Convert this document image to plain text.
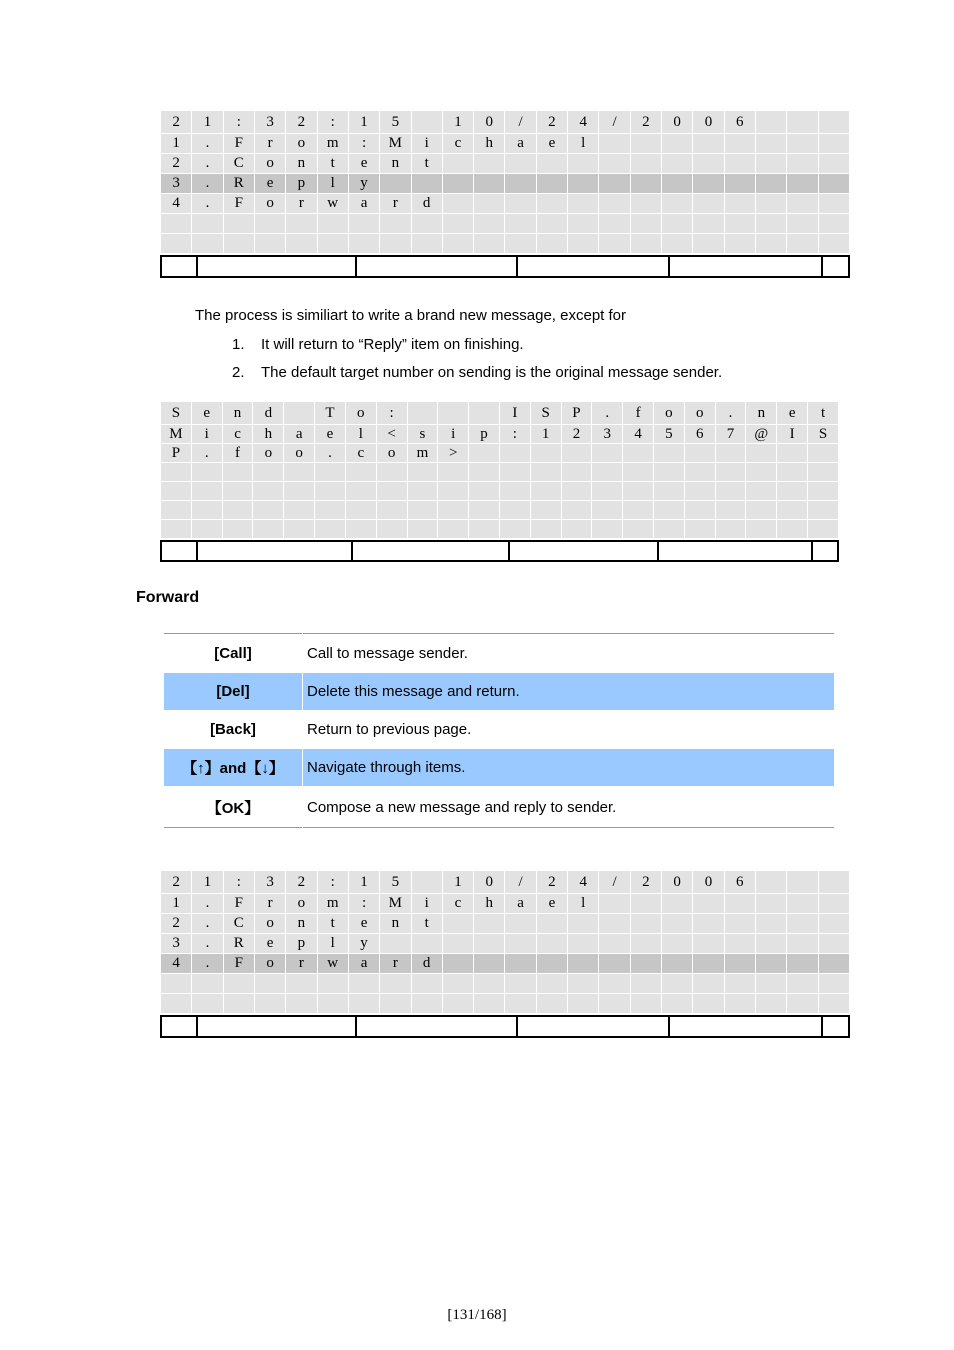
2	1	:	3	2	:	1	5		1	0	/	2	4	/	2	0	0	6			
1	.	F	r	o	m	:	M	i	c	h	a	e	l								
2	.	C	o	n	t	e	n	t													
3	.	R	e	p	l	y															
4	.	F	o	r	w	a	r	d													

The process is similiart to write a brand new message, except for
1. It will return to “Reply” item on finishing.
2. The default target number on sending is the original message sender.
S	e	n	d		T	o	:				I	S	P	.	f	o	o	.	n	e	t
M	i	c	h	a	e	l	<	s	i	p	:	1	2	3	4	5	6	7	@	I	S
P	.	f	o	o	.	c	o	m	>												

Forward
[Call]	Call to message sender.
[Del]	Delete this message and return.
[Back]	Return to previous page.
【↑】and【↓】	Navigate through items.
【OK】	Compose a new message and reply to sender.
2	1	:	3	2	:	1	5		1	0	/	2	4	/	2	0	0	6			
1	.	F	r	o	m	:	M	i	c	h	a	e	l								
2	.	C	o	n	t	e	n	t													
3	.	R	e	p	l	y															
4	.	F	o	r	w	a	r	d													

[131/168]
